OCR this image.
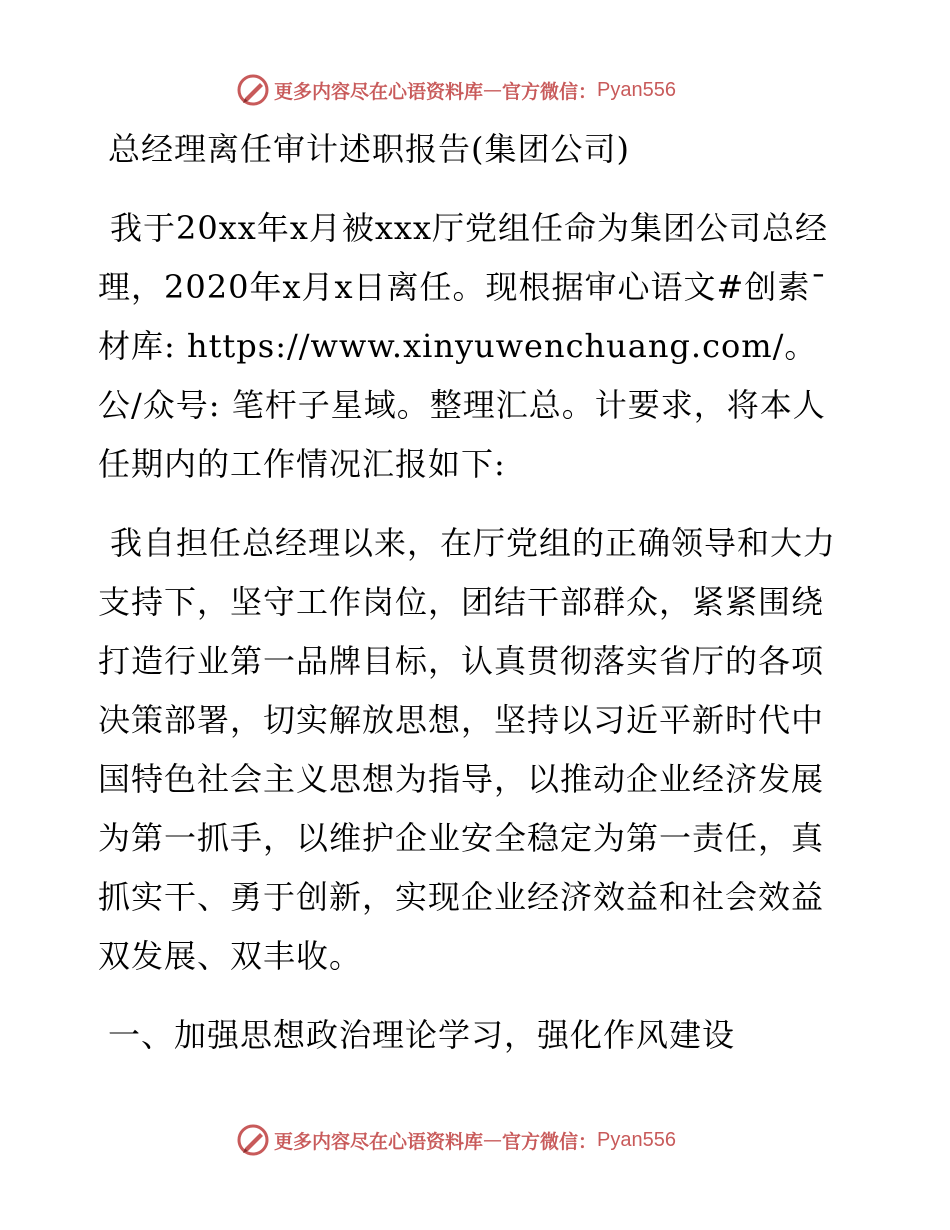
更多内容尽在心语资料库 — 官方微信： Pyan556
总经理离任审计述职报告(集团公司)
我于20xx年x月被xxx厅党组任命为集团公司总经理，2020年x月x日离任。现根据审心语文#创素¯材库: https://www.xinyuwenchuang.com/。公/众号: 笔杆子星域。整理汇总。计要求，将本人任期内的工作情况汇报如下:
我自担任总经理以来，在厅党组的正确领导和大力支持下，坚守工作岗位，团结干部群众，紧紧围绕打造行业第一品牌目标，认真贯彻落实省厅的各项决策部署，切实解放思想，坚持以习近平新时代中国特色社会主义思想为指导，以推动企业经济发展为第一抓手，以维护企业安全稳定为第一责任，真抓实干、勇于创新，实现企业经济效益和社会效益双发展、双丰收。
一、加强思想政治理论学习，强化作风建设
更多内容尽在心语资料库 — 官方微信： Pyan556
